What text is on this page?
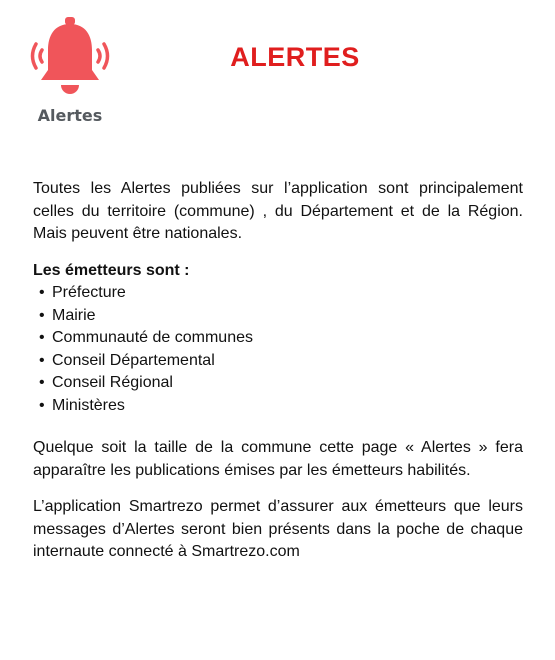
Alertes
ALERTES

Toutes les Alertes publiées sur l’application sont principalement celles du territoire (commune) , du Département et de la Région. Mais peuvent être nationales.

Les émetteurs sont :

• Préfecture
• Mairie
• Communauté de communes
• Conseil Départemental
• Conseil Régional
• Ministères

Quelque soit la taille de la commune cette page « Alertes » fera apparaître les publications émises par les émetteurs habilités.

L’application Smartrezo permet d’assurer aux émetteurs que leurs messages d’Alertes seront bien présents dans la poche de chaque internaute connecté à Smartrezo.com
